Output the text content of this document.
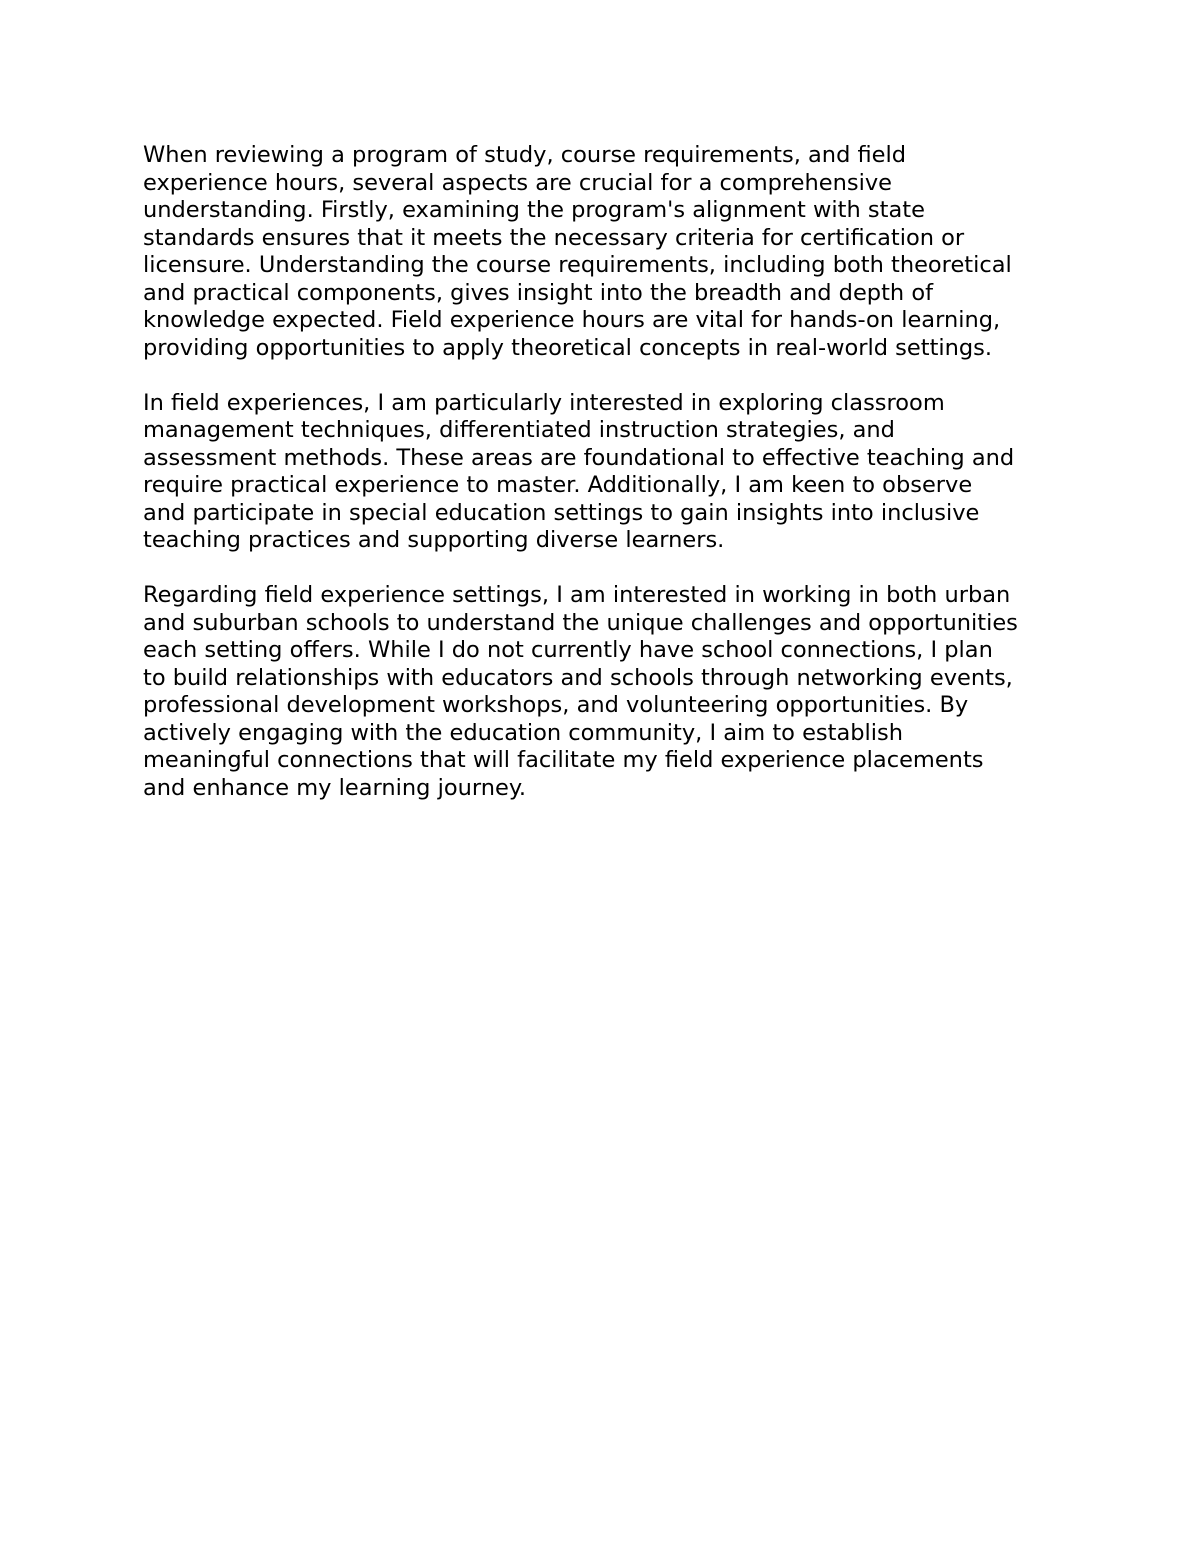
When reviewing a program of study, course requirements, and field
experience hours, several aspects are crucial for a comprehensive
understanding. Firstly, examining the program's alignment with state
standards ensures that it meets the necessary criteria for certification or
licensure. Understanding the course requirements, including both theoretical
and practical components, gives insight into the breadth and depth of
knowledge expected. Field experience hours are vital for hands-on learning,
providing opportunities to apply theoretical concepts in real-world settings.

In field experiences, I am particularly interested in exploring classroom
management techniques, differentiated instruction strategies, and
assessment methods. These areas are foundational to effective teaching and
require practical experience to master. Additionally, I am keen to observe
and participate in special education settings to gain insights into inclusive
teaching practices and supporting diverse learners.

Regarding field experience settings, I am interested in working in both urban
and suburban schools to understand the unique challenges and opportunities
each setting offers. While I do not currently have school connections, I plan
to build relationships with educators and schools through networking events,
professional development workshops, and volunteering opportunities. By
actively engaging with the education community, I aim to establish
meaningful connections that will facilitate my field experience placements
and enhance my learning journey.
